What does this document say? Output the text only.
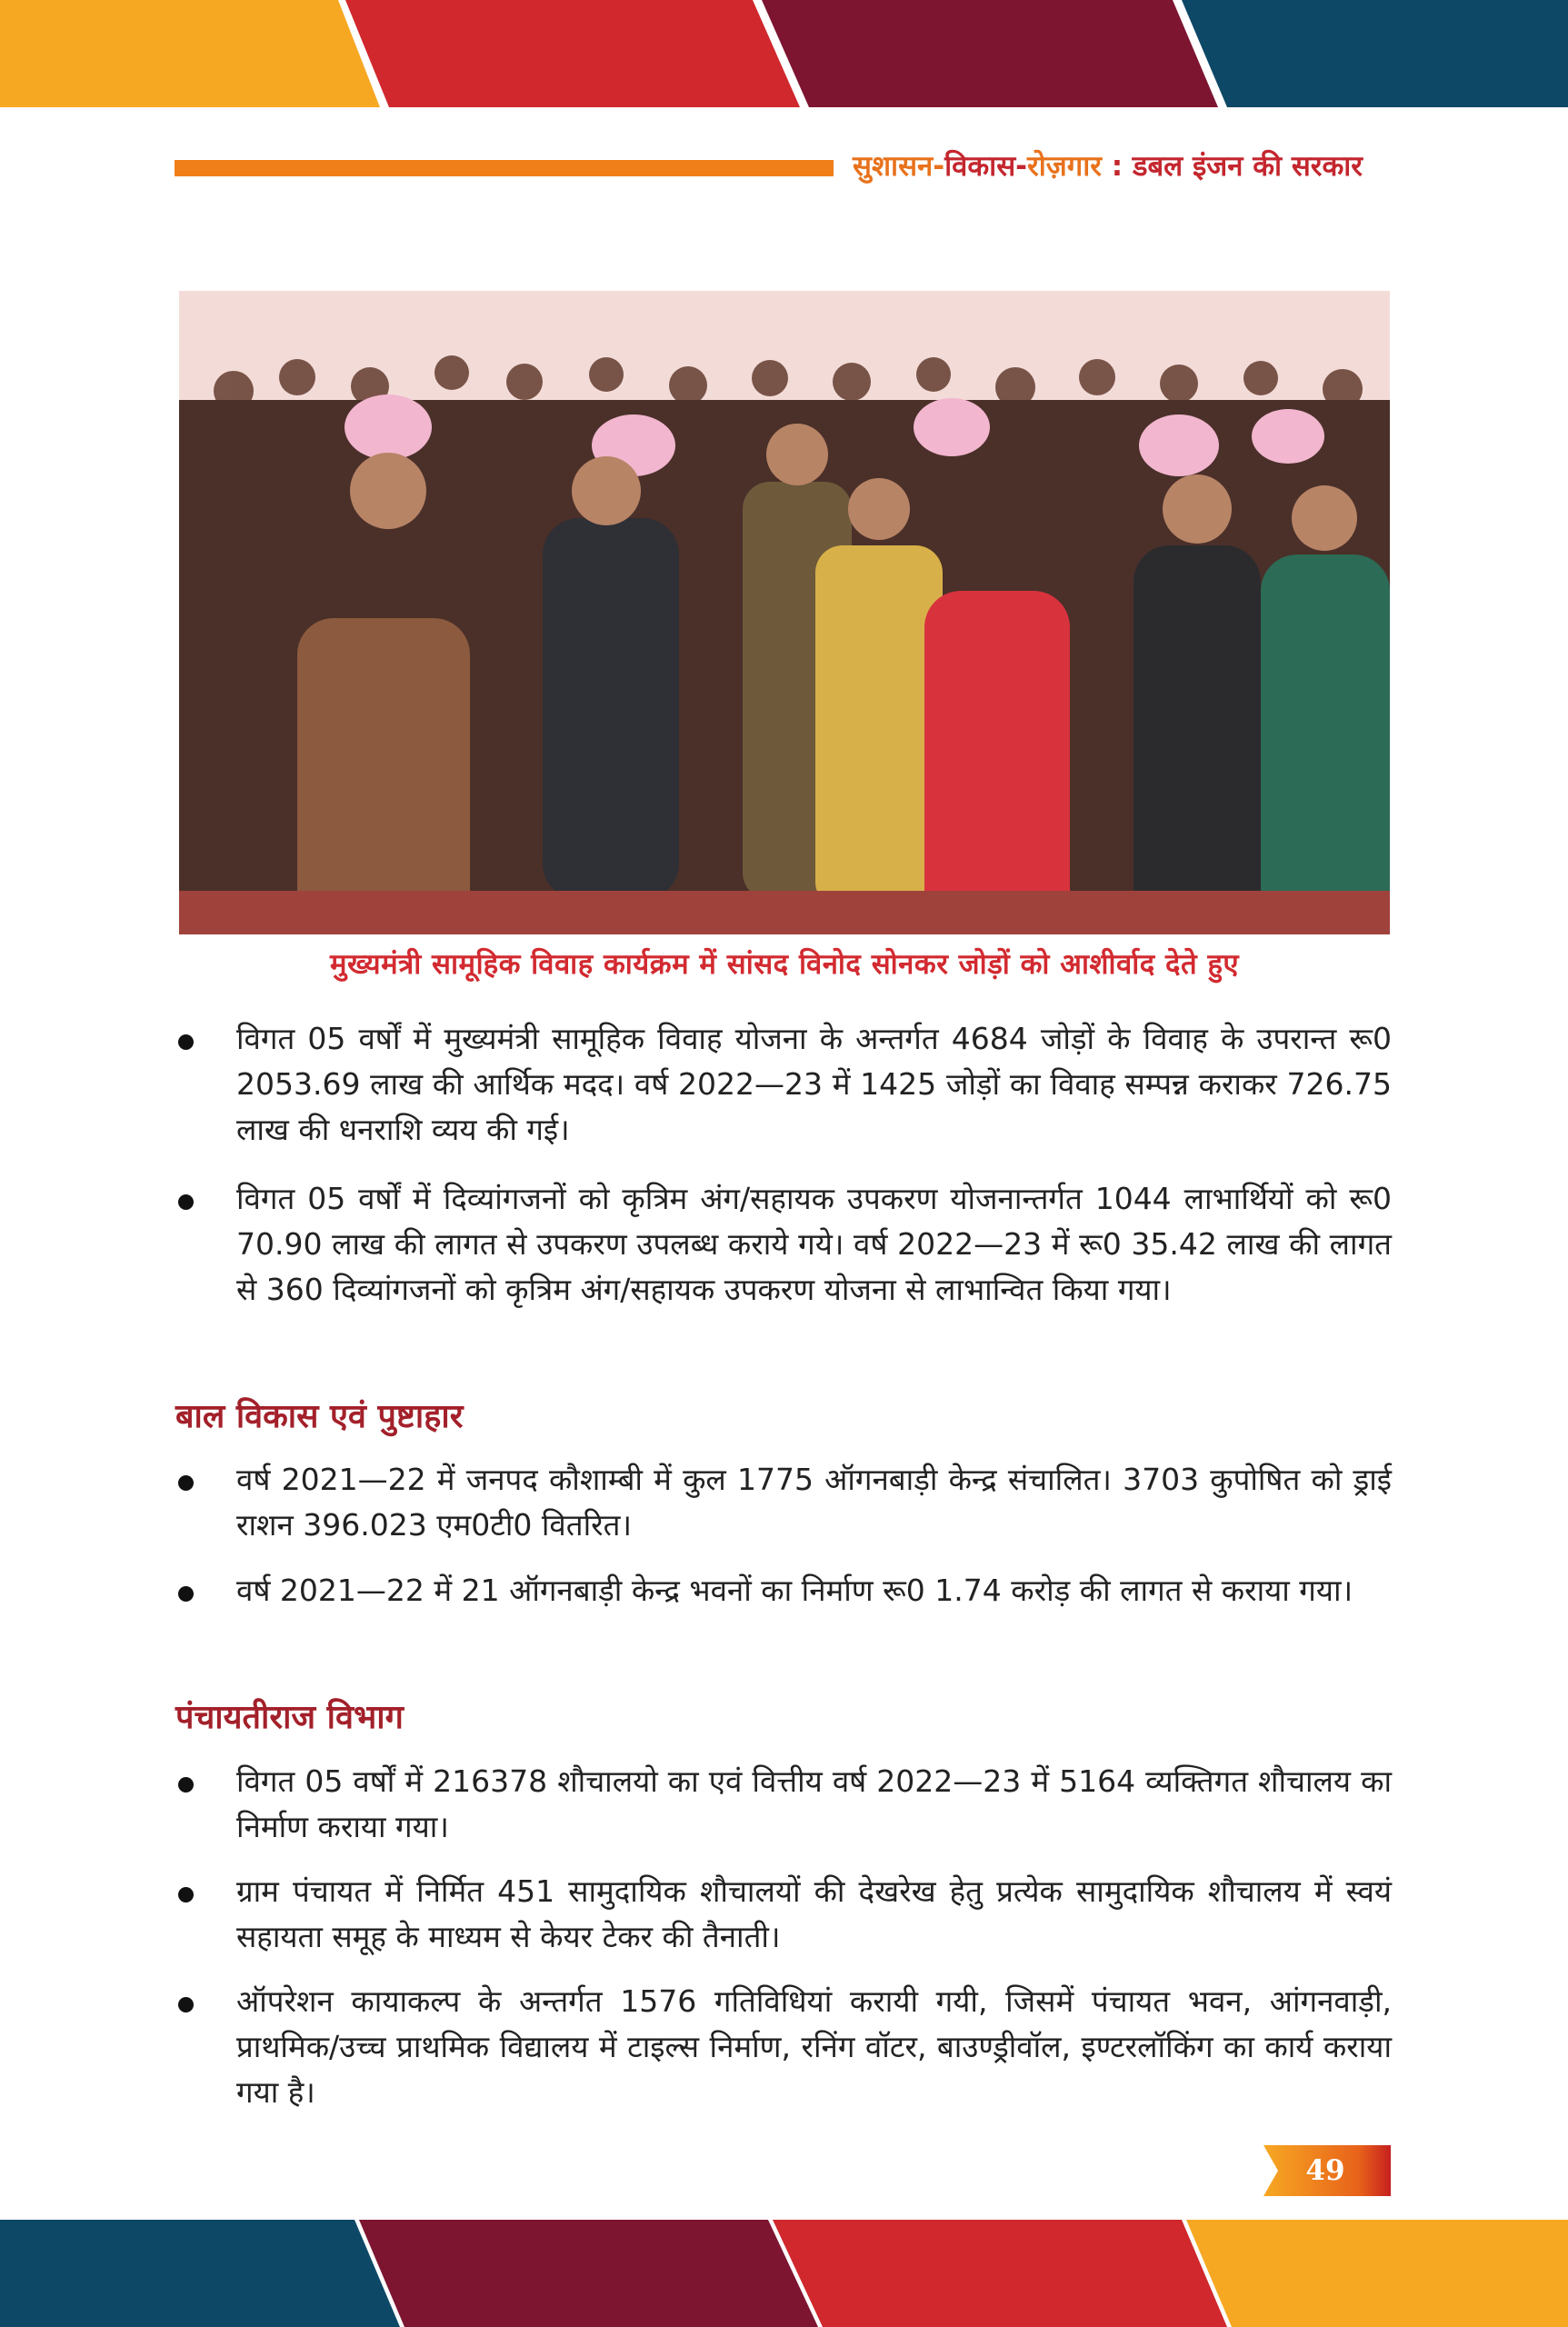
सुशासन-विकास-रोज़गार : डबल इंजन की सरकार
मुख्यमंत्री सामूहिक विवाह कार्यक्रम में सांसद विनोद सोनकर जोड़ों को आशीर्वाद देते हुए
विगत 05 वर्षों में मुख्यमंत्री सामूहिक विवाह योजना के अन्तर्गत 4684 जोड़ों के विवाह के उपरान्त रू0 2053.69 लाख की आर्थिक मदद। वर्ष 2022—23 में 1425 जोड़ों का विवाह सम्पन्न कराकर 726.75 लाख की धनराशि व्यय की गई।
विगत 05 वर्षों में दिव्यांगजनों को कृत्रिम अंग/सहायक उपकरण योजनान्तर्गत 1044 लाभार्थियों को रू0 70.90 लाख की लागत से उपकरण उपलब्ध कराये गये। वर्ष 2022—23 में रू0 35.42 लाख की लागत से 360 दिव्यांगजनों को कृत्रिम अंग/सहायक उपकरण योजना से लाभान्वित किया गया।
बाल विकास एवं पुष्टाहार
वर्ष 2021—22 में जनपद कौशाम्बी में कुल 1775 ऑगनबाड़ी केन्द्र संचालित। 3703 कुपोषित को ड्राई राशन 396.023 एम0टी0 वितरित।
वर्ष 2021—22 में 21 ऑगनबाड़ी केन्द्र भवनों का निर्माण रू0 1.74 करोड़ की लागत से कराया गया।
पंचायतीराज विभाग
विगत 05 वर्षों में 216378 शौचालयो का एवं वित्तीय वर्ष 2022—23 में 5164 व्यक्तिगत शौचालय का निर्माण कराया गया।
ग्राम पंचायत में निर्मित 451 सामुदायिक शौचालयों की देखरेख हेतु प्रत्येक सामुदायिक शौचालय में स्वयं सहायता समूह के माध्यम से केयर टेकर की तैनाती।
ऑपरेशन कायाकल्प के अन्तर्गत 1576 गतिविधियां करायी गयी, जिसमें पंचायत भवन, आंगनवाड़ी, प्राथमिक/उच्च प्राथमिक विद्यालय में टाइल्स निर्माण, रनिंग वॉटर, बाउण्ड्रीवॉल, इण्टरलॉकिंग का कार्य कराया गया है।
49
